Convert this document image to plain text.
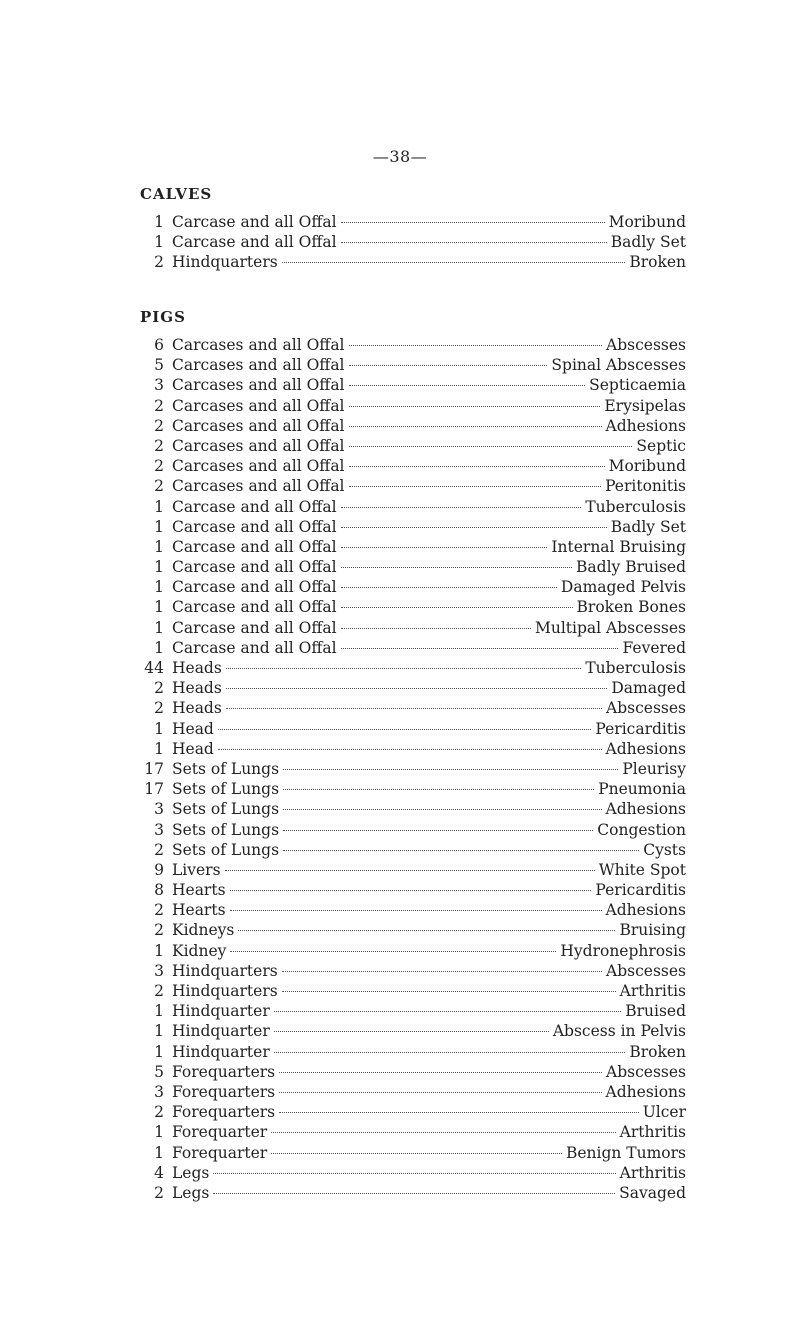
—38—
CALVES
1 Carcase and all Offal	Moribund
1 Carcase and all Offal	Badly Set
2 Hindquarters	Broken
PIGS
6 Carcases and all Offal	Abscesses
5 Carcases and all Offal	Spinal Abscesses
3 Carcases and all Offal	Septicaemia
2 Carcases and all Offal	Erysipelas
2 Carcases and all Offal	Adhesions
2 Carcases and all Offal	Septic
2 Carcases and all Offal	Moribund
2 Carcases and all Offal	Peritonitis
1 Carcase and all Offal	Tuberculosis
1 Carcase and all Offal	Badly Set
1 Carcase and all Offal	Internal Bruising
1 Carcase and all Offal	Badly Bruised
1 Carcase and all Offal	Damaged Pelvis
1 Carcase and all Offal	Broken Bones
1 Carcase and all Offal	Multipal Abscesses
1 Carcase and all Offal	Fevered
44 Heads	Tuberculosis
2 Heads	Damaged
2 Heads	Abscesses
1 Head	Pericarditis
1 Head	Adhesions
17 Sets of Lungs	Pleurisy
17 Sets of Lungs	Pneumonia
3 Sets of Lungs	Adhesions
3 Sets of Lungs	Congestion
2 Sets of Lungs	Cysts
9 Livers	White Spot
8 Hearts	Pericarditis
2 Hearts	Adhesions
2 Kidneys	Bruising
1 Kidney	Hydronephrosis
3 Hindquarters	Abscesses
2 Hindquarters	Arthritis
1 Hindquarter	Bruised
1 Hindquarter	Abscess in Pelvis
1 Hindquarter	Broken
5 Forequarters	Abscesses
3 Forequarters	Adhesions
2 Forequarters	Ulcer
1 Forequarter	Arthritis
1 Forequarter	Benign Tumors
4 Legs	Arthritis
2 Legs	Savaged
